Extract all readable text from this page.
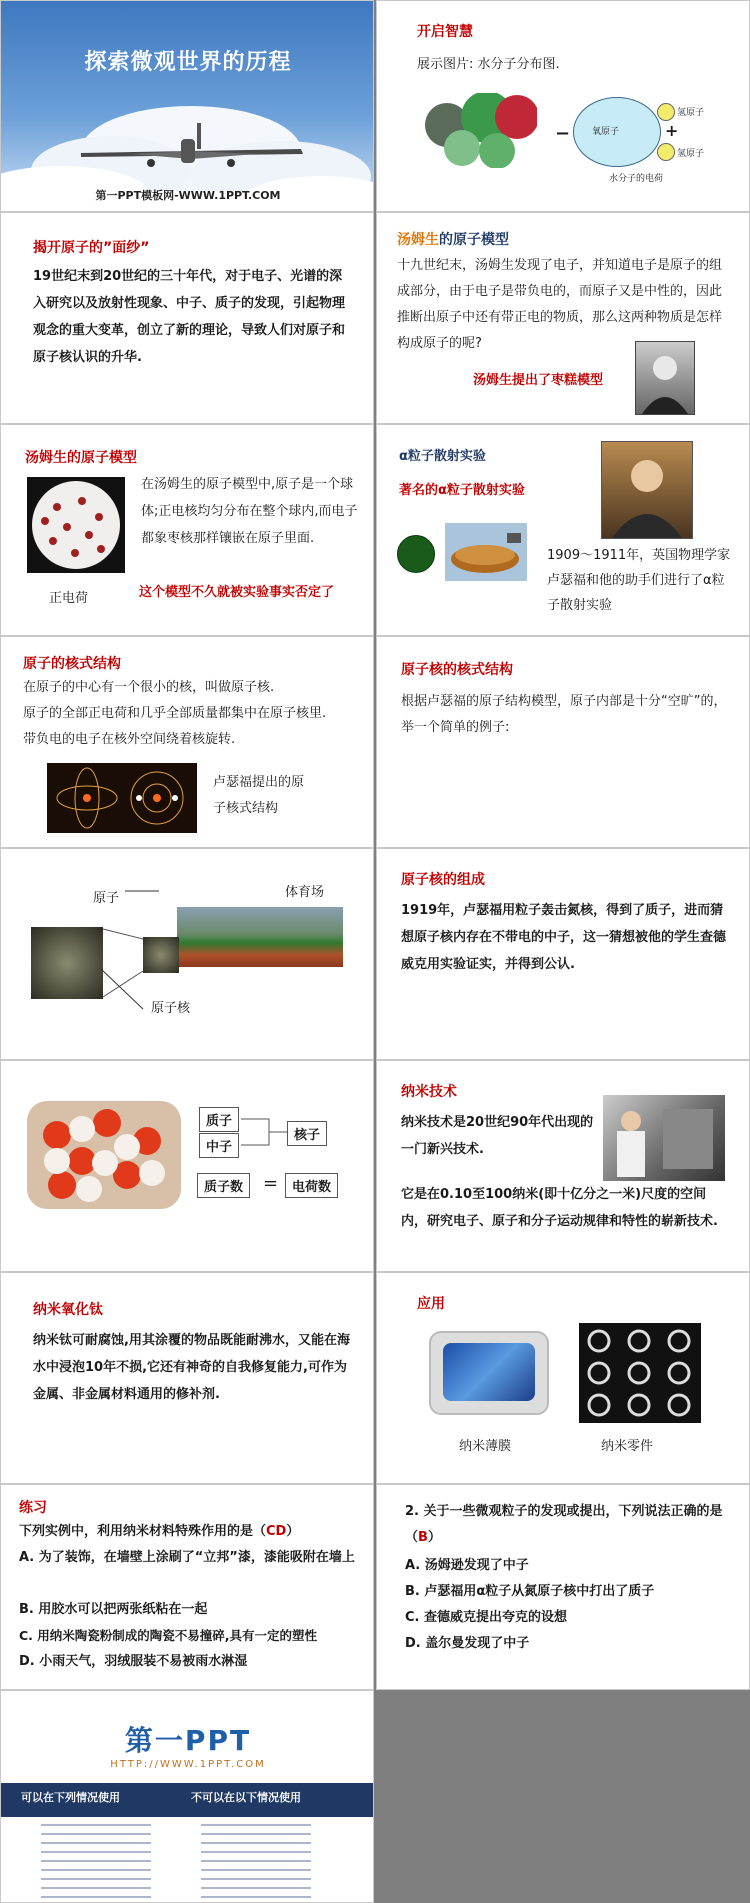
探索微观世界的历程
第一PPT模板网-WWW.1PPT.COM
开启智慧
展示图片: 水分子分布图.
− 氧原子
氢原子
+
氢原子
水分子的电荷
揭开原子的”面纱”
19世纪末到20世纪的三十年代，对于电子、光谱的深入研究以及放射性现象、中子、质子的发现，引起物理观念的重大变革，创立了新的理论，导致人们对原子和原子核认识的升华.
汤姆生的原子模型
十九世纪末，汤姆生发现了电子，并知道电子是原子的组成部分，由于电子是带负电的，而原子又是中性的，因此推断出原子中还有带正电的物质，那么这两种物质是怎样构成原子的呢?
汤姆生提出了枣糕模型
汤姆生的原子模型
在汤姆生的原子模型中,原子是一个球体;正电核均匀分布在整个球内,而电子都象枣核那样镶嵌在原子里面.
正电荷	这个模型不久就被实验事实否定了
α粒子散射实验
著名的α粒子散射实验
1909～1911年，英国物理学家卢瑟福和他的助手们进行了α粒子散射实验
原子的核式结构
在原子的中心有一个很小的核，叫做原子核.
原子的全部正电荷和几乎全部质量都集中在原子核里.
带负电的电子在核外空间绕着核旋转.
卢瑟福提出的原
子核式结构
原子核的核式结构
根据卢瑟福的原子结构模型，原子内部是十分“空旷”的，举一个简单的例子:
原子	体育场
原子核
原子核的组成
1919年，卢瑟福用粒子轰击氮核，得到了质子，进而猜想原子核内存在不带电的中子，这一猜想被他的学生查德威克用实验证实，并得到公认.
质子
中子
核子
质子数	=	电荷数
纳米技术
纳米技术是20世纪90年代出现的一门新兴技术.
它是在0.10至100纳米(即十亿分之一米)尺度的空间内，研究电子、原子和分子运动规律和特性的崭新技术.
纳米氧化钛
纳米钛可耐腐蚀,用其涂覆的物品既能耐沸水，又能在海水中浸泡10年不损,它还有神奇的自我修复能力,可作为金属、非金属材料通用的修补剂.
应用
纳米薄膜	纳米零件
练习
下列实例中，利用纳米材料特殊作用的是（CD）
A. 为了装饰，在墙壁上涂刷了“立邦”漆，漆能吸附在墙上
B. 用胶水可以把两张纸粘在一起
C. 用纳米陶瓷粉制成的陶瓷不易撞碎,具有一定的塑性
D. 小雨天气，羽绒服装不易被雨水淋湿
2. 关于一些微观粒子的发现或提出，下列说法正确的是（B）
A. 汤姆逊发现了中子
B. 卢瑟福用α粒子从氮原子核中打出了质子
C. 查德威克提出夸克的设想
D. 盖尔曼发现了中子
第一PPT
HTTP://WWW.1PPT.COM
可以在下列情况使用	不可以在以下情况使用
